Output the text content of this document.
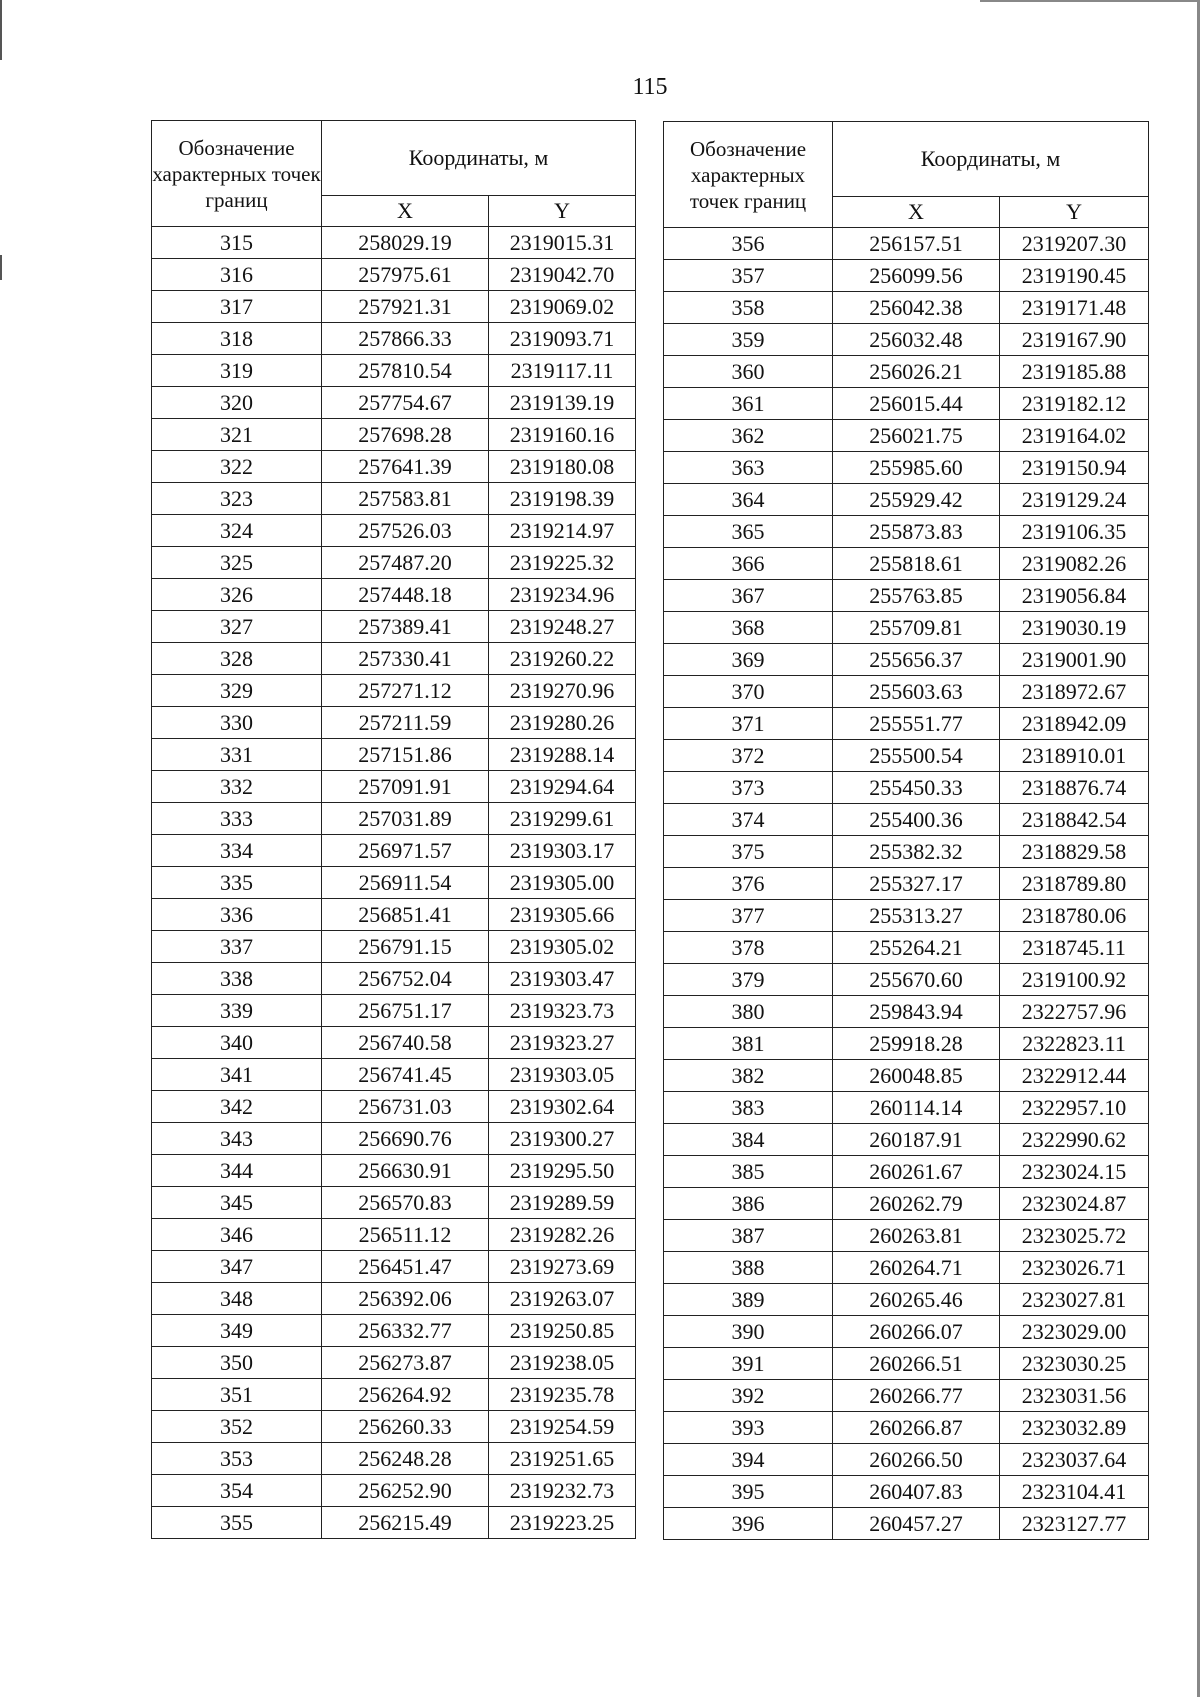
115
Обозначение характерных точек границ	Координаты, м	
	X	Y
315	258029.19	2319015.31
316	257975.61	2319042.70
317	257921.31	2319069.02
318	257866.33	2319093.71
319	257810.54	2319117.11
320	257754.67	2319139.19
321	257698.28	2319160.16
322	257641.39	2319180.08
323	257583.81	2319198.39
324	257526.03	2319214.97
325	257487.20	2319225.32
326	257448.18	2319234.96
327	257389.41	2319248.27
328	257330.41	2319260.22
329	257271.12	2319270.96
330	257211.59	2319280.26
331	257151.86	2319288.14
332	257091.91	2319294.64
333	257031.89	2319299.61
334	256971.57	2319303.17
335	256911.54	2319305.00
336	256851.41	2319305.66
337	256791.15	2319305.02
338	256752.04	2319303.47
339	256751.17	2319323.73
340	256740.58	2319323.27
341	256741.45	2319303.05
342	256731.03	2319302.64
343	256690.76	2319300.27
344	256630.91	2319295.50
345	256570.83	2319289.59
346	256511.12	2319282.26
347	256451.47	2319273.69
348	256392.06	2319263.07
349	256332.77	2319250.85
350	256273.87	2319238.05
351	256264.92	2319235.78
352	256260.33	2319254.59
353	256248.28	2319251.65
354	256252.90	2319232.73
355	256215.49	2319223.25
Обозначение характерных точек границ	Координаты, м	
	X	Y
356	256157.51	2319207.30
357	256099.56	2319190.45
358	256042.38	2319171.48
359	256032.48	2319167.90
360	256026.21	2319185.88
361	256015.44	2319182.12
362	256021.75	2319164.02
363	255985.60	2319150.94
364	255929.42	2319129.24
365	255873.83	2319106.35
366	255818.61	2319082.26
367	255763.85	2319056.84
368	255709.81	2319030.19
369	255656.37	2319001.90
370	255603.63	2318972.67
371	255551.77	2318942.09
372	255500.54	2318910.01
373	255450.33	2318876.74
374	255400.36	2318842.54
375	255382.32	2318829.58
376	255327.17	2318789.80
377	255313.27	2318780.06
378	255264.21	2318745.11
379	255670.60	2319100.92
380	259843.94	2322757.96
381	259918.28	2322823.11
382	260048.85	2322912.44
383	260114.14	2322957.10
384	260187.91	2322990.62
385	260261.67	2323024.15
386	260262.79	2323024.87
387	260263.81	2323025.72
388	260264.71	2323026.71
389	260265.46	2323027.81
390	260266.07	2323029.00
391	260266.51	2323030.25
392	260266.77	2323031.56
393	260266.87	2323032.89
394	260266.50	2323037.64
395	260407.83	2323104.41
396	260457.27	2323127.77
